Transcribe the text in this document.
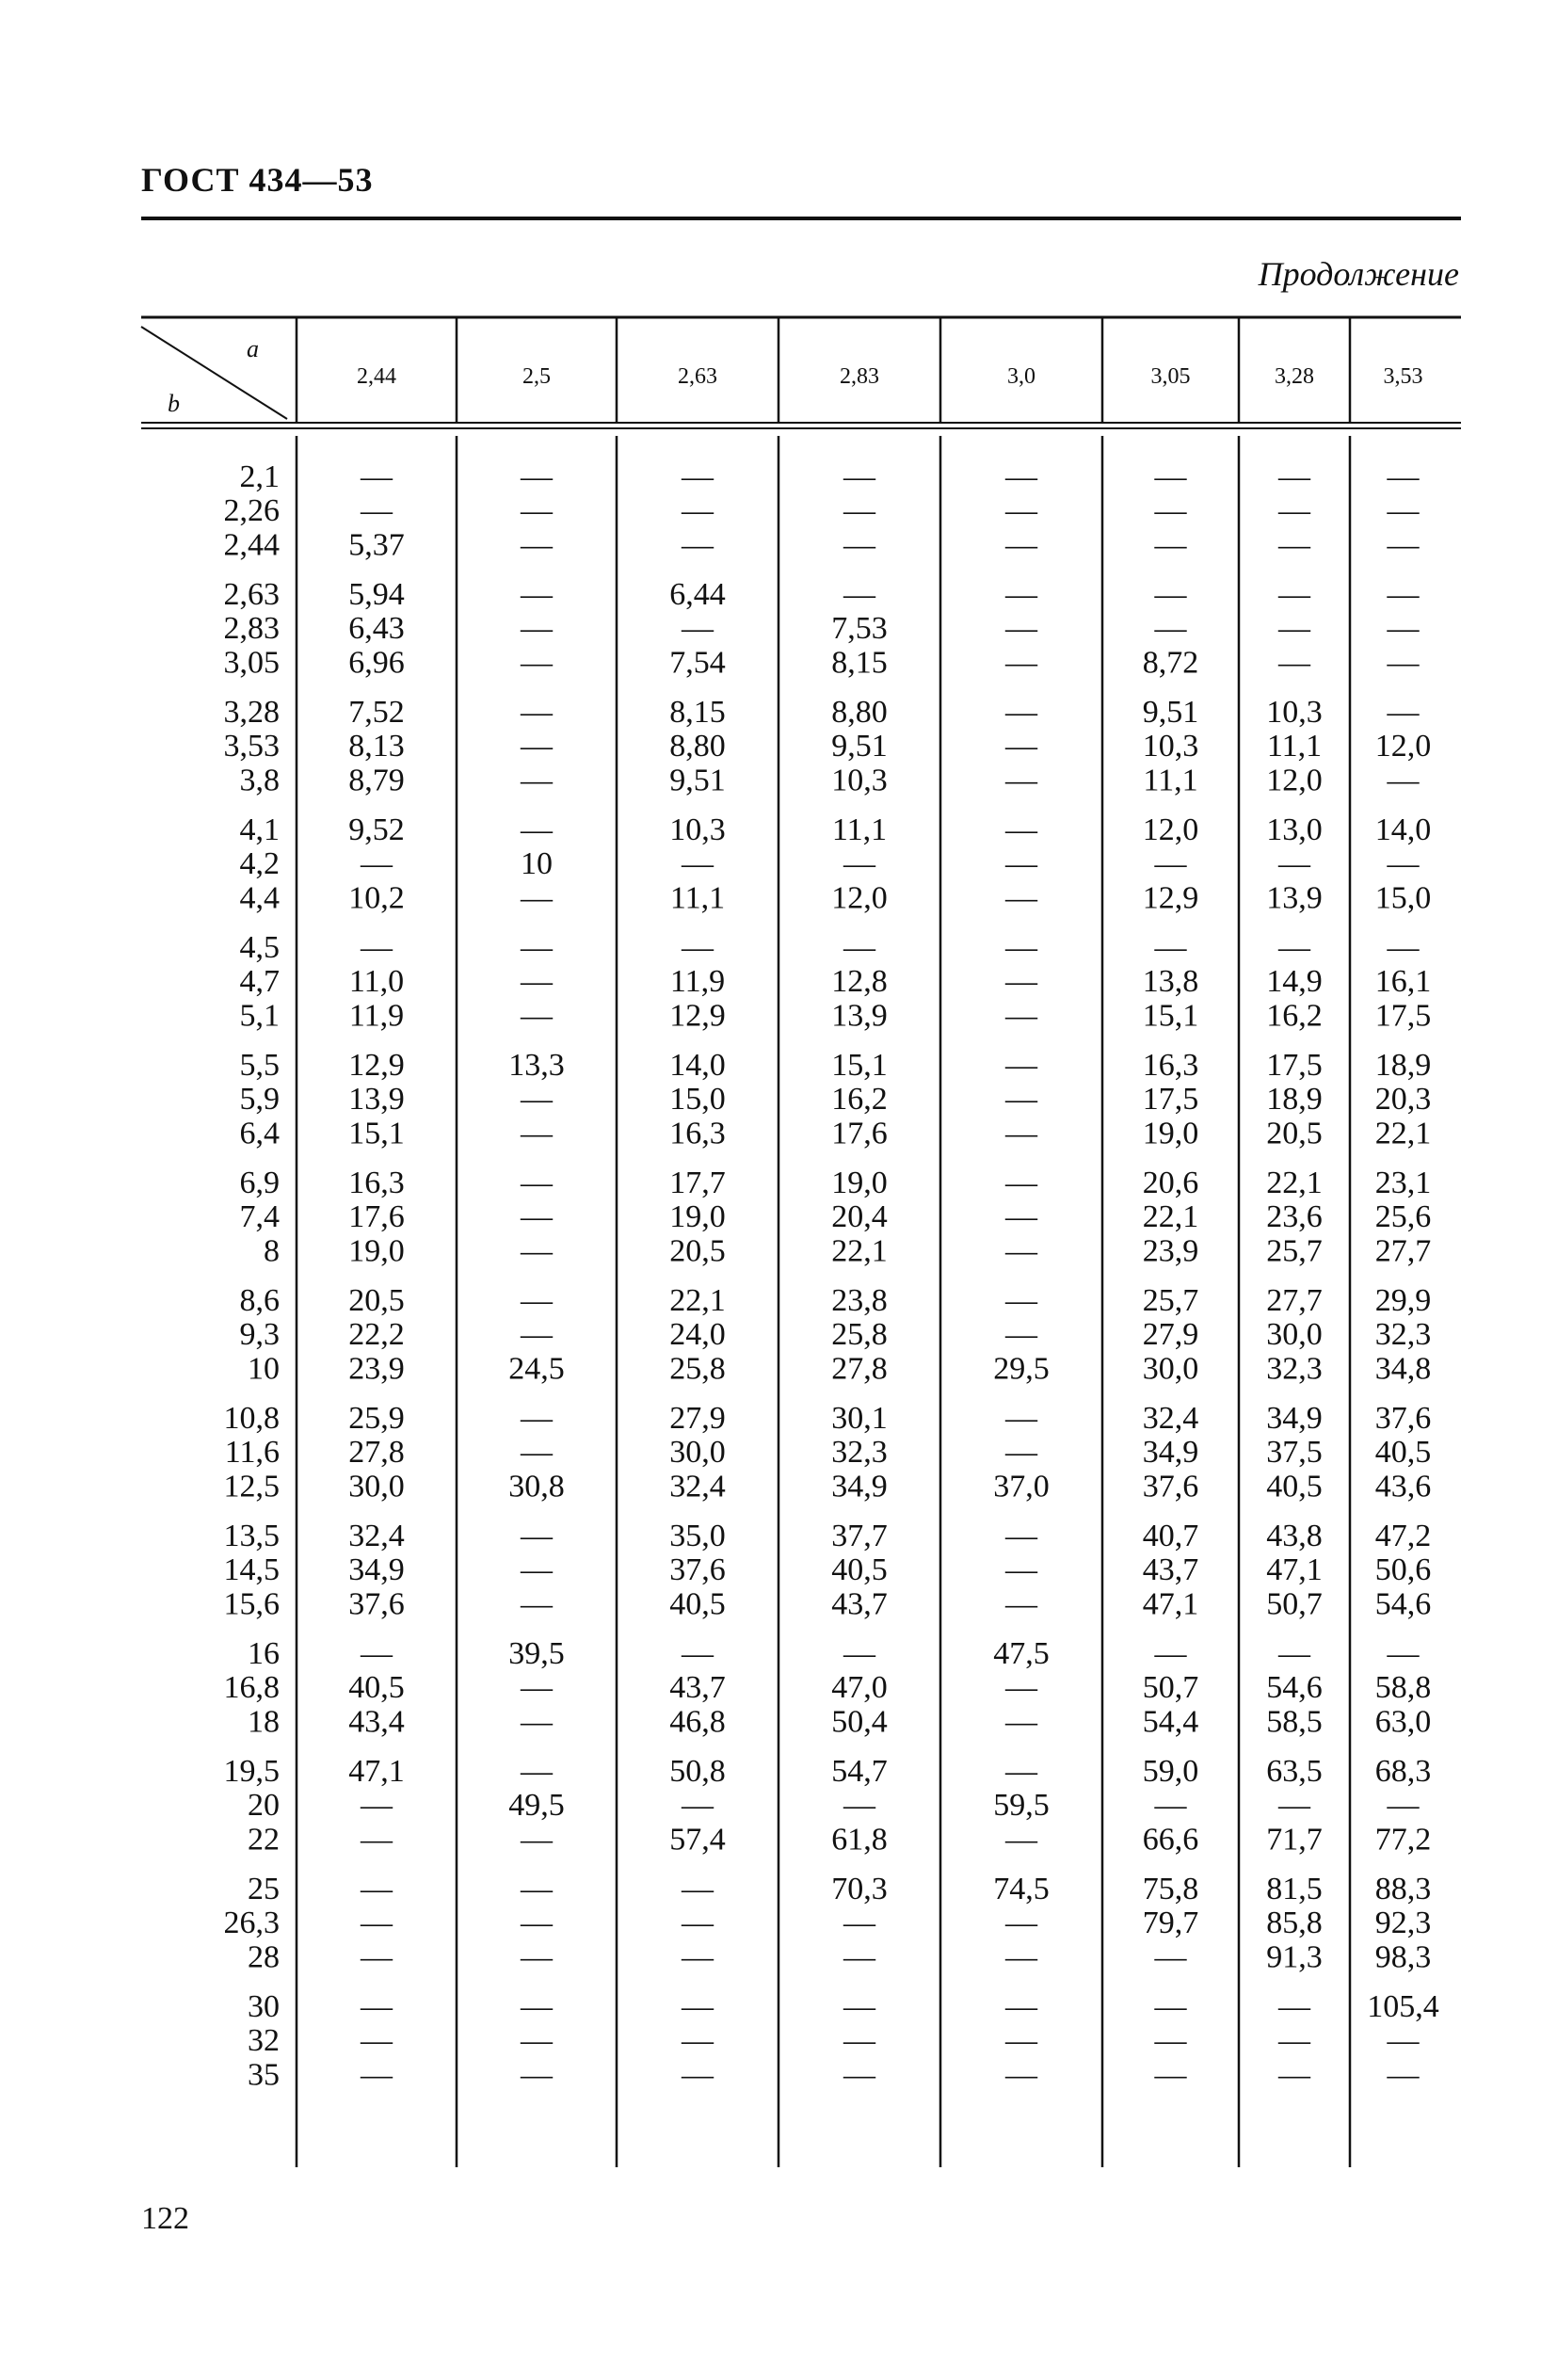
ГОСТ 434—53
Продолжение
a
b
2,44	2,5	2,63	2,83	3,0	3,05	3,28	3,53
2,1	—	—	—	—	—	—	— —
2,26	—	—	—	—	—	—	— —
2,44 5,37	—	—	—	—	—	— —
2,63 5,94	—	6,44	—	—	—	— —
2,83 6,43	—	—	7,53	—	—	— —
3,05 6,96	—	7,54	8,15	—	8,72 — —
3,28 7,52	—	8,15	8,80	—	9,51 10,3 —
3,53 8,13	—	8,80	9,51	—	10,3 11,1 12,0
3,8 8,79	—	9,51	10,3	—	11,1 12,0 —
4,1 9,52	—	10,3	11,1	—	12,0 13,0 14,0
4,2	—	10	—	—	—	—	— —
4,4 10,2	—	11,1	12,0	—	12,9 13,9 15,0
4,5	—	—	—	—	—	—	— —
4,7 11,0	—	11,9	12,8	—	13,8 14,9 16,1
5,1 11,9	—	12,9	13,9	—	15,1 16,2 17,5
5,5 12,9	13,3	14,0	15,1	—	16,3 17,5 18,9
5,9 13,9	—	15,0	16,2	—	17,5 18,9 20,3
6,4 15,1	—	16,3	17,6	—	19,0 20,5 22,1
6,9 16,3	—	17,7	19,0	—	20,6 22,1 23,1
7,4 17,6	—	19,0	20,4	—	22,1 23,6 25,6
8 19,0	—	20,5	22,1	—	23,9 25,7 27,7
8,6 20,5	—	22,1	23,8	—	25,7 27,7 29,9
9,3 22,2	—	24,0	25,8	—	27,9 30,0 32,3
10 23,9	24,5	25,8	27,8	29,5	30,0 32,3 34,8
10,8 25,9	—	27,9	30,1	—	32,4 34,9 37,6
11,6 27,8	—	30,0	32,3	—	34,9 37,5 40,5
12,5 30,0	30,8	32,4	34,9	37,0	37,6 40,5 43,6
13,5 32,4	—	35,0	37,7	—	40,7 43,8 47,2
14,5 34,9	—	37,6	40,5	—	43,7 47,1 50,6
15,6 37,6	—	40,5	43,7	—	47,1 50,7 54,6
16	—	39,5	—	—	47,5	—	— —
16,8 40,5	—	43,7	47,0	—	50,7 54,6 58,8
18 43,4	—	46,8	50,4	—	54,4 58,5 63,0
19,5 47,1	—	50,8	54,7	—	59,0 63,5 68,3
20	—	49,5	—	—	59,5	—	— —
22	—	—	57,4	61,8	—	66,6 71,7 77,2
25	—	—	—	70,3	74,5	75,8 81,5 88,3
26,3	—	—	—	—	—	79,7 85,8 92,3
28	—	—	—	—	—	— 91,3 98,3
30	—	—	—	—	—	—	— 105,4
32	—	—	—	—	—	—	— —
35	—	—	—	—	—	—	— —
122
